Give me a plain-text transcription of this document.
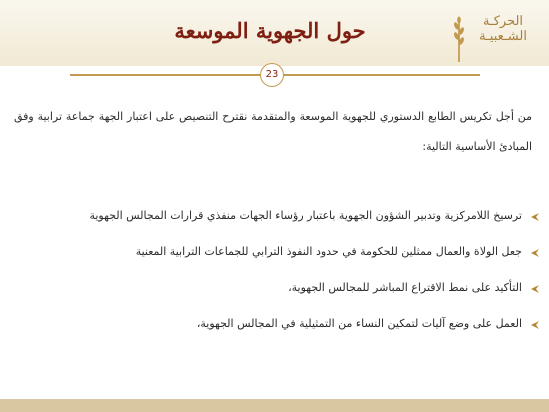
الحركـة
الشـعبيـة
حول الجهوية الموسعة
23

من أجل تكريس الطابع الدستوري للجهوية الموسعة والمتقدمة نقترح التنصيص على اعتبار الجهة جماعة ترابية وفق المبادئ الأساسية التالية:

ترسيخ اللامركزية وتدبير الشؤون الجهوية باعتبار رؤساء الجهات منفذي قرارات المجالس الجهوية
جعل الولاة والعمال ممثلين للحكومة في حدود النفوذ الترابي للجماعات الترابية المعنية
التأكيد على نمط الاقتراع المباشر للمجالس الجهوية،
العمل على وضع آليات لتمكين النساء من التمثيلية في المجالس الجهوية،
